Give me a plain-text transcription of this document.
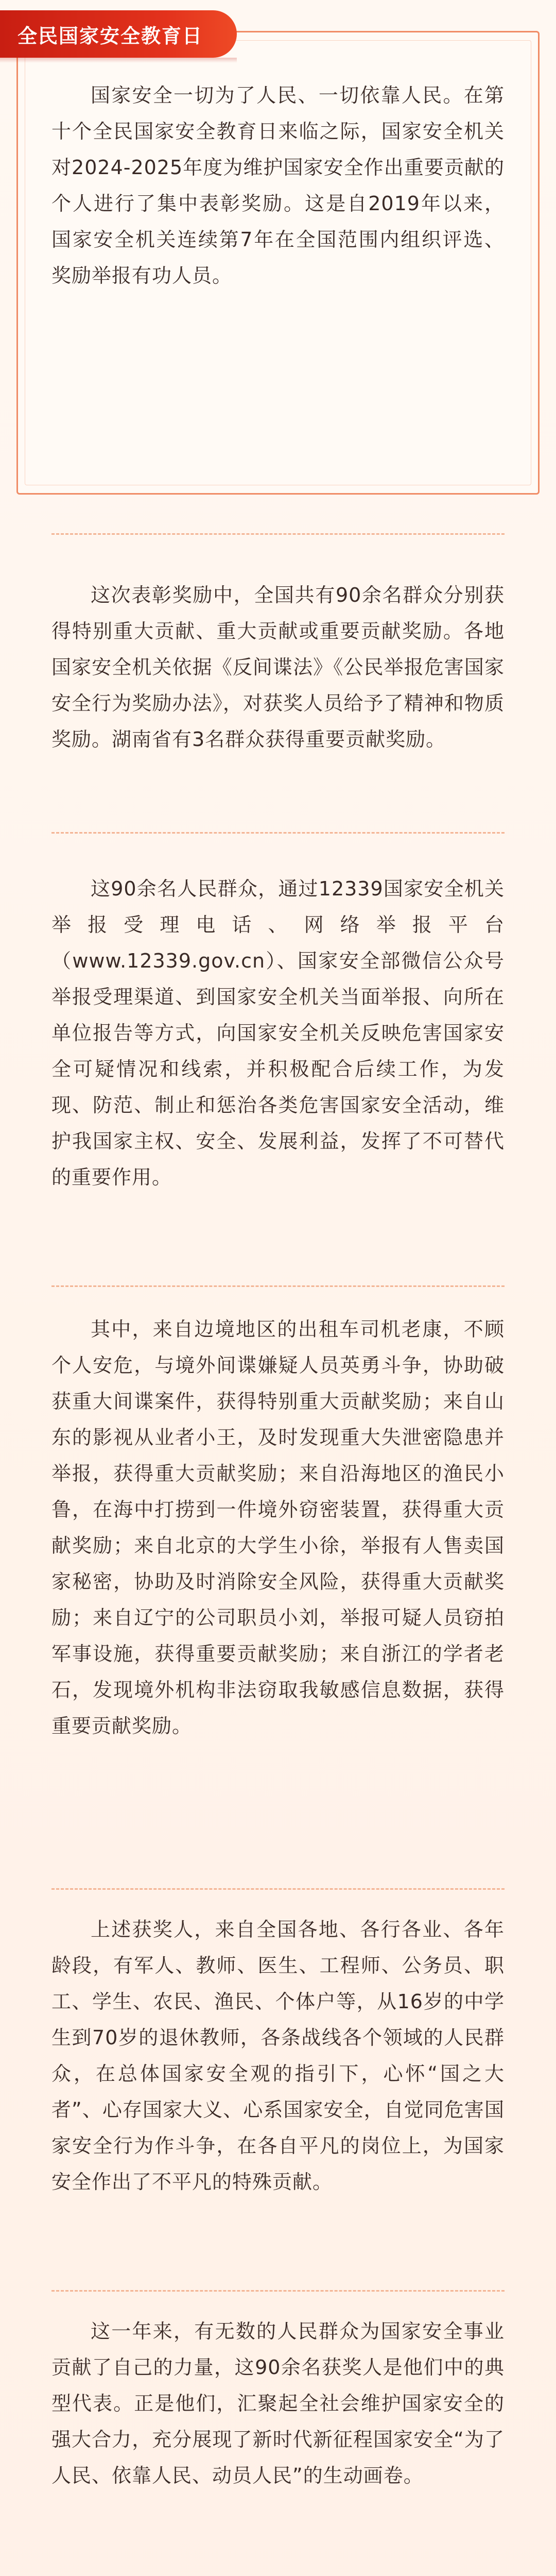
全民国家安全教育日

国家安全一切为了人民、一切依靠人民。在第十个全民国家安全教育日来临之际，国家安全机关对2024-2025年度为维护国家安全作出重要贡献的个人进行了集中表彰奖励。这是自2019年以来，国家安全机关连续第7年在全国范围内组织评选、奖励举报有功人员。

这次表彰奖励中，全国共有90余名群众分别获得特别重大贡献、重大贡献或重要贡献奖励。各地国家安全机关依据《反间谍法》《公民举报危害国家安全行为奖励办法》，对获奖人员给予了精神和物质奖励。湖南省有3名群众获得重要贡献奖励。

这90余名人民群众，通过12339国家安全机关举报受理电话、网络举报平台（www.12339.gov.cn）、国家安全部微信公众号举报受理渠道、到国家安全机关当面举报、向所在单位报告等方式，向国家安全机关反映危害国家安全可疑情况和线索，并积极配合后续工作，为发现、防范、制止和惩治各类危害国家安全活动，维护我国家主权、安全、发展利益，发挥了不可替代的重要作用。

其中，来自边境地区的出租车司机老康，不顾个人安危，与境外间谍嫌疑人员英勇斗争，协助破获重大间谍案件，获得特别重大贡献奖励；来自山东的影视从业者小王，及时发现重大失泄密隐患并举报，获得重大贡献奖励；来自沿海地区的渔民小鲁，在海中打捞到一件境外窃密装置，获得重大贡献奖励；来自北京的大学生小徐，举报有人售卖国家秘密，协助及时消除安全风险，获得重大贡献奖励；来自辽宁的公司职员小刘，举报可疑人员窃拍军事设施，获得重要贡献奖励；来自浙江的学者老石，发现境外机构非法窃取我敏感信息数据，获得重要贡献奖励。

上述获奖人，来自全国各地、各行各业、各年龄段，有军人、教师、医生、工程师、公务员、职工、学生、农民、渔民、个体户等，从16岁的中学生到70岁的退休教师，各条战线各个领域的人民群众，在总体国家安全观的指引下，心怀“国之大者”、心存国家大义、心系国家安全，自觉同危害国家安全行为作斗争，在各自平凡的岗位上，为国家安全作出了不平凡的特殊贡献。

这一年来，有无数的人民群众为国家安全事业贡献了自己的力量，这90余名获奖人是他们中的典型代表。正是他们，汇聚起全社会维护国家安全的强大合力，充分展现了新时代新征程国家安全“为了人民、依靠人民、动员人民”的生动画卷。
